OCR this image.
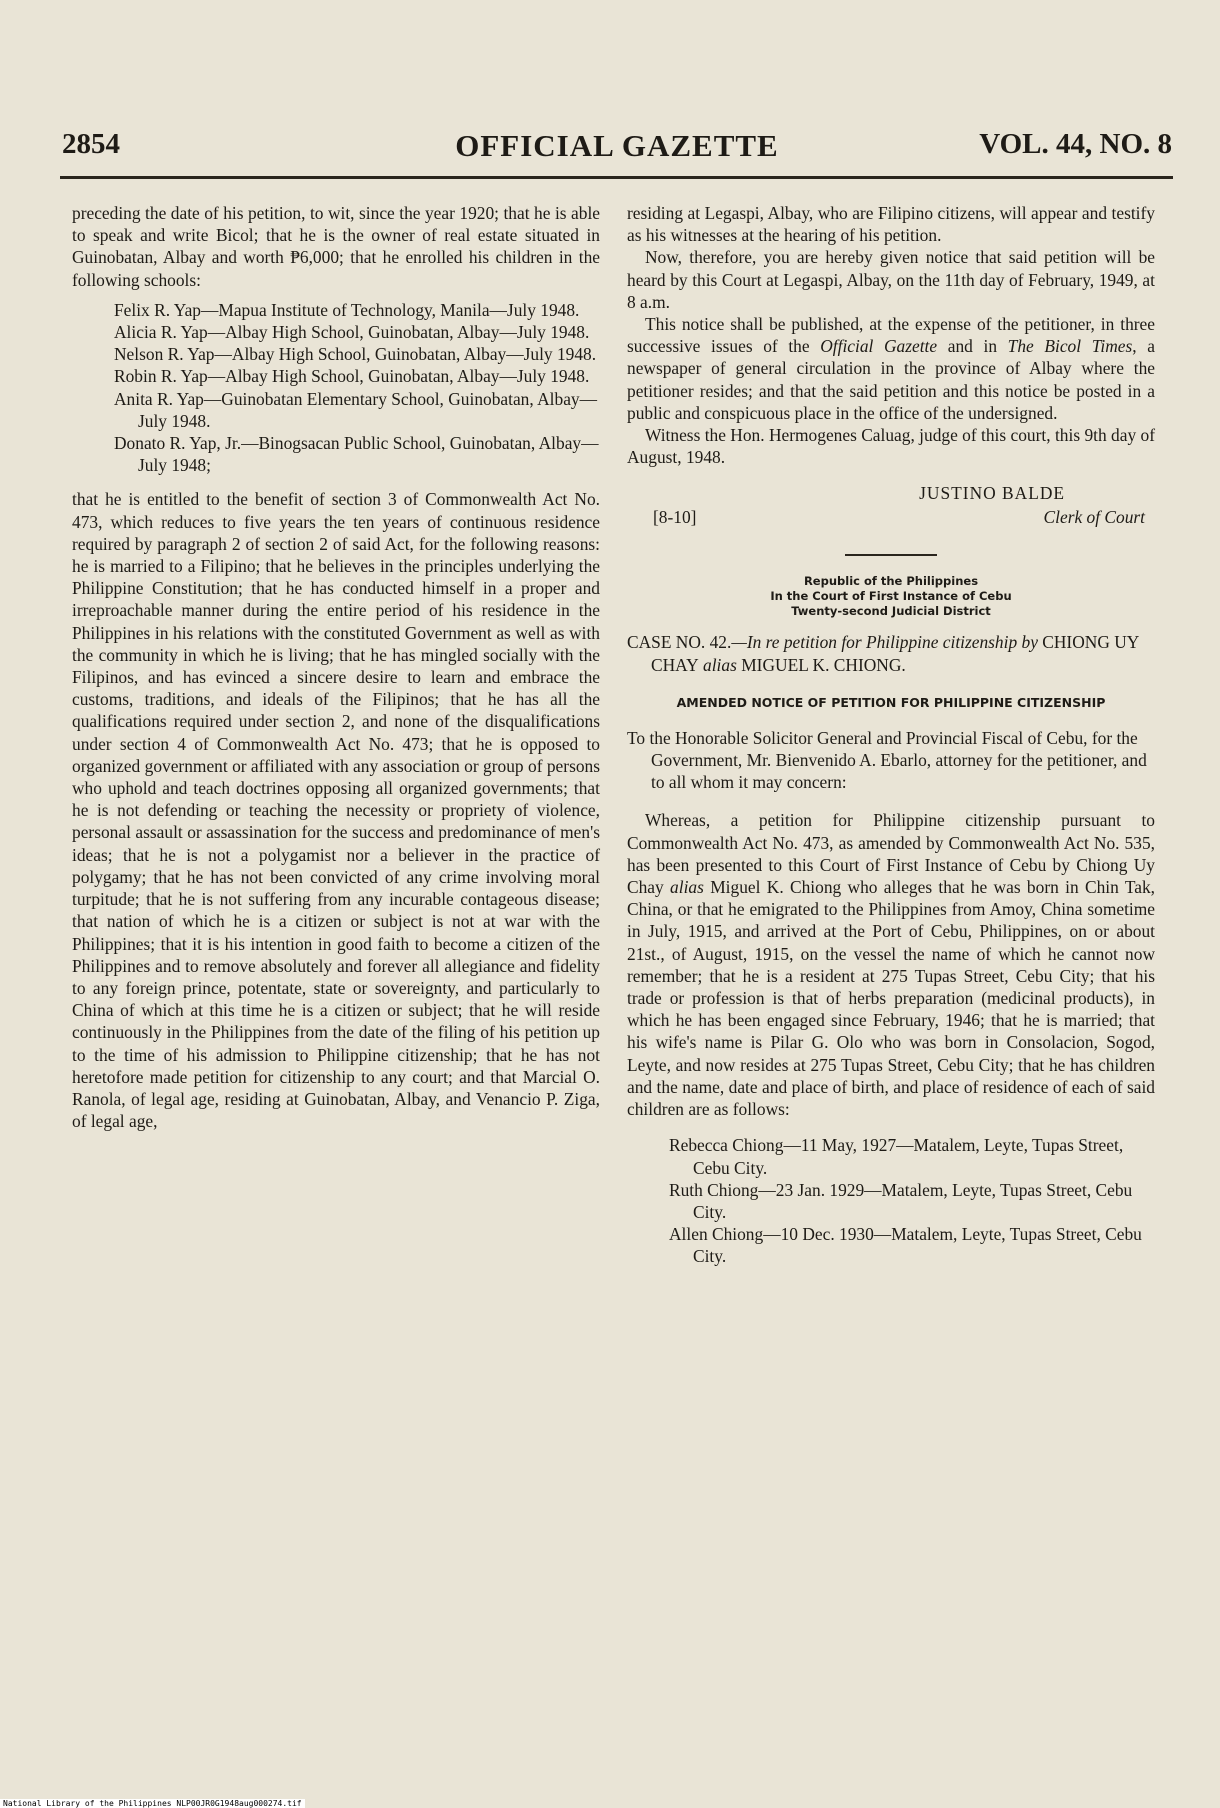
2854	OFFICIAL GAZETTE	VOL. 44, NO. 8

preceding the date of his petition, to wit, since the year 1920; that he is able to speak and write Bicol; that he is the owner of real estate situated in Guinobatan, Albay and worth ₱6,000; that he enrolled his children in the following schools:

Felix R. Yap—Mapua Institute of Technology, Manila—July 1948.

Alicia R. Yap—Albay High School, Guinobatan, Albay—July 1948.

Nelson R. Yap—Albay High School, Guinobatan, Albay—July 1948.

Robin R. Yap—Albay High School, Guinobatan, Albay—July 1948.

Anita R. Yap—Guinobatan Elementary School, Guinobatan, Albay—July 1948.

Donato R. Yap, Jr.—Binogsacan Public School, Guinobatan, Albay—July 1948;

that he is entitled to the benefit of section 3 of Commonwealth Act No. 473, which reduces to five years the ten years of continuous residence required by paragraph 2 of section 2 of said Act, for the following reasons: he is married to a Filipino; that he believes in the principles underlying the Philippine Constitution; that he has conducted himself in a proper and irreproachable manner during the entire period of his residence in the Philippines in his relations with the constituted Government as well as with the community in which he is living; that he has mingled socially with the Filipinos, and has evinced a sincere desire to learn and embrace the customs, traditions, and ideals of the Filipinos; that he has all the qualifications required under section 2, and none of the disqualifications under section 4 of Commonwealth Act No. 473; that he is opposed to organized government or affiliated with any association or group of persons who uphold and teach doctrines opposing all organized governments; that he is not defending or teaching the necessity or propriety of violence, personal assault or assassination for the success and predominance of men's ideas; that he is not a polygamist nor a believer in the practice of polygamy; that he has not been convicted of any crime involving moral turpitude; that he is not suffering from any incurable contageous disease; that nation of which he is a citizen or subject is not at war with the Philippines; that it is his intention in good faith to become a citizen of the Philippines and to remove absolutely and forever all allegiance and fidelity to any foreign prince, potentate, state or sovereignty, and particularly to China of which at this time he is a citizen or subject; that he will reside continuously in the Philippines from the date of the filing of his petition up to the time of his admission to Philippine citizenship; that he has not heretofore made petition for citizenship to any court; and that Marcial O. Ranola, of legal age, residing at Guinobatan, Albay, and Venancio P. Ziga, of legal age,

residing at Legaspi, Albay, who are Filipino citizens, will appear and testify as his witnesses at the hearing of his petition.

Now, therefore, you are hereby given notice that said petition will be heard by this Court at Legaspi, Albay, on the 11th day of February, 1949, at 8 a.m.

This notice shall be published, at the expense of the petitioner, in three successive issues of the Official Gazette and in The Bicol Times, a newspaper of general circulation in the province of Albay where the petitioner resides; and that the said petition and this notice be posted in a public and conspicuous place in the office of the undersigned.

Witness the Hon. Hermogenes Caluag, judge of this court, this 9th day of August, 1948.

JUSTINO BALDE
[8-10]	Clerk of Court
Republic of the Philippines
In the Court of First Instance of Cebu
Twenty-second Judicial District

CASE NO. 42.—In re petition for Philippine citizenship by CHIONG UY CHAY alias MIGUEL K. CHIONG.

AMENDED NOTICE OF PETITION FOR PHILIPPINE CITIZENSHIP

To the Honorable Solicitor General and Provincial Fiscal of Cebu, for the Government, Mr. Bienvenido A. Ebarlo, attorney for the petitioner, and to all whom it may concern:

Whereas, a petition for Philippine citizenship pursuant to Commonwealth Act No. 473, as amended by Commonwealth Act No. 535, has been presented to this Court of First Instance of Cebu by Chiong Uy Chay alias Miguel K. Chiong who alleges that he was born in Chin Tak, China, or that he emigrated to the Philippines from Amoy, China sometime in July, 1915, and arrived at the Port of Cebu, Philippines, on or about 21st., of August, 1915, on the vessel the name of which he cannot now remember; that he is a resident at 275 Tupas Street, Cebu City; that his trade or profession is that of herbs preparation (medicinal products), in which he has been engaged since February, 1946; that he is married; that his wife's name is Pilar G. Olo who was born in Consolacion, Sogod, Leyte, and now resides at 275 Tupas Street, Cebu City; that he has children and the name, date and place of birth, and place of residence of each of said children are as follows:

Rebecca Chiong—11 May, 1927—Matalem, Leyte, Tupas Street, Cebu City.

Ruth Chiong—23 Jan. 1929—Matalem, Leyte, Tupas Street, Cebu City.

Allen Chiong—10 Dec. 1930—Matalem, Leyte, Tupas Street, Cebu City.

National Library of the Philippines NLP00JR0G1948aug000274.tif
